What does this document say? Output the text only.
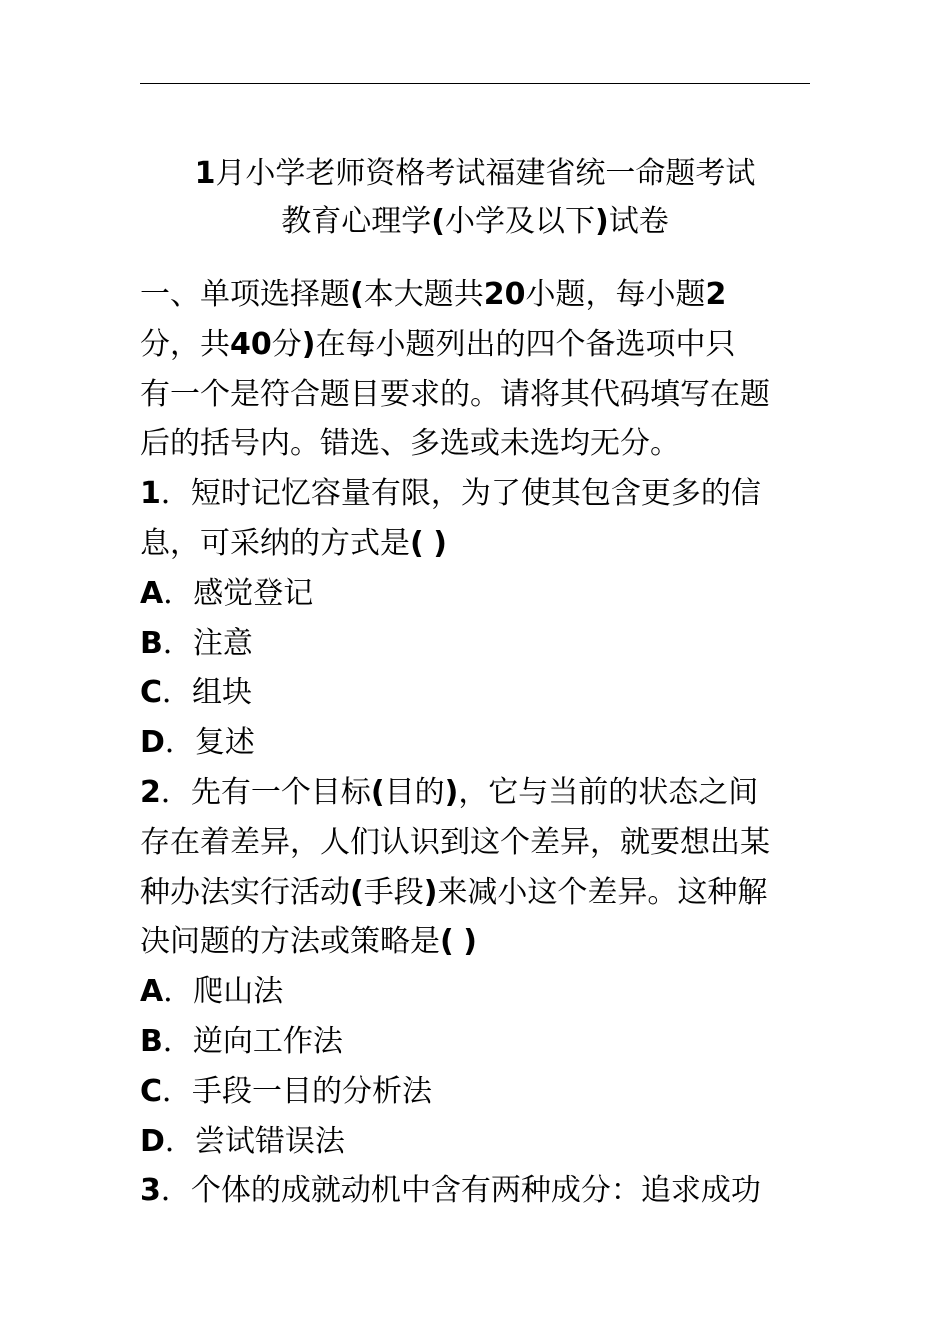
1月小学老师资格考试福建省统一命题考试
教育心理学(小学及以下)试卷
一、单项选择题(本大题共20小题，每小题2
分，共40分)在每小题列出的四个备选项中只
有一个是符合题目要求的。请将其代码填写在题
后的括号内。错选、多选或未选均无分。
1．短时记忆容量有限，为了使其包含更多的信
息，可采纳的方式是( )
A．感觉登记
B．注意
C．组块
D．复述
2．先有一个目标(目的)，它与当前的状态之间
存在着差异，人们认识到这个差异，就要想出某
种办法实行活动(手段)来减小这个差异。这种解
决问题的方法或策略是( )
A．爬山法
B．逆向工作法
C．手段一目的分析法
D．尝试错误法
3．个体的成就动机中含有两种成分：追求成功
